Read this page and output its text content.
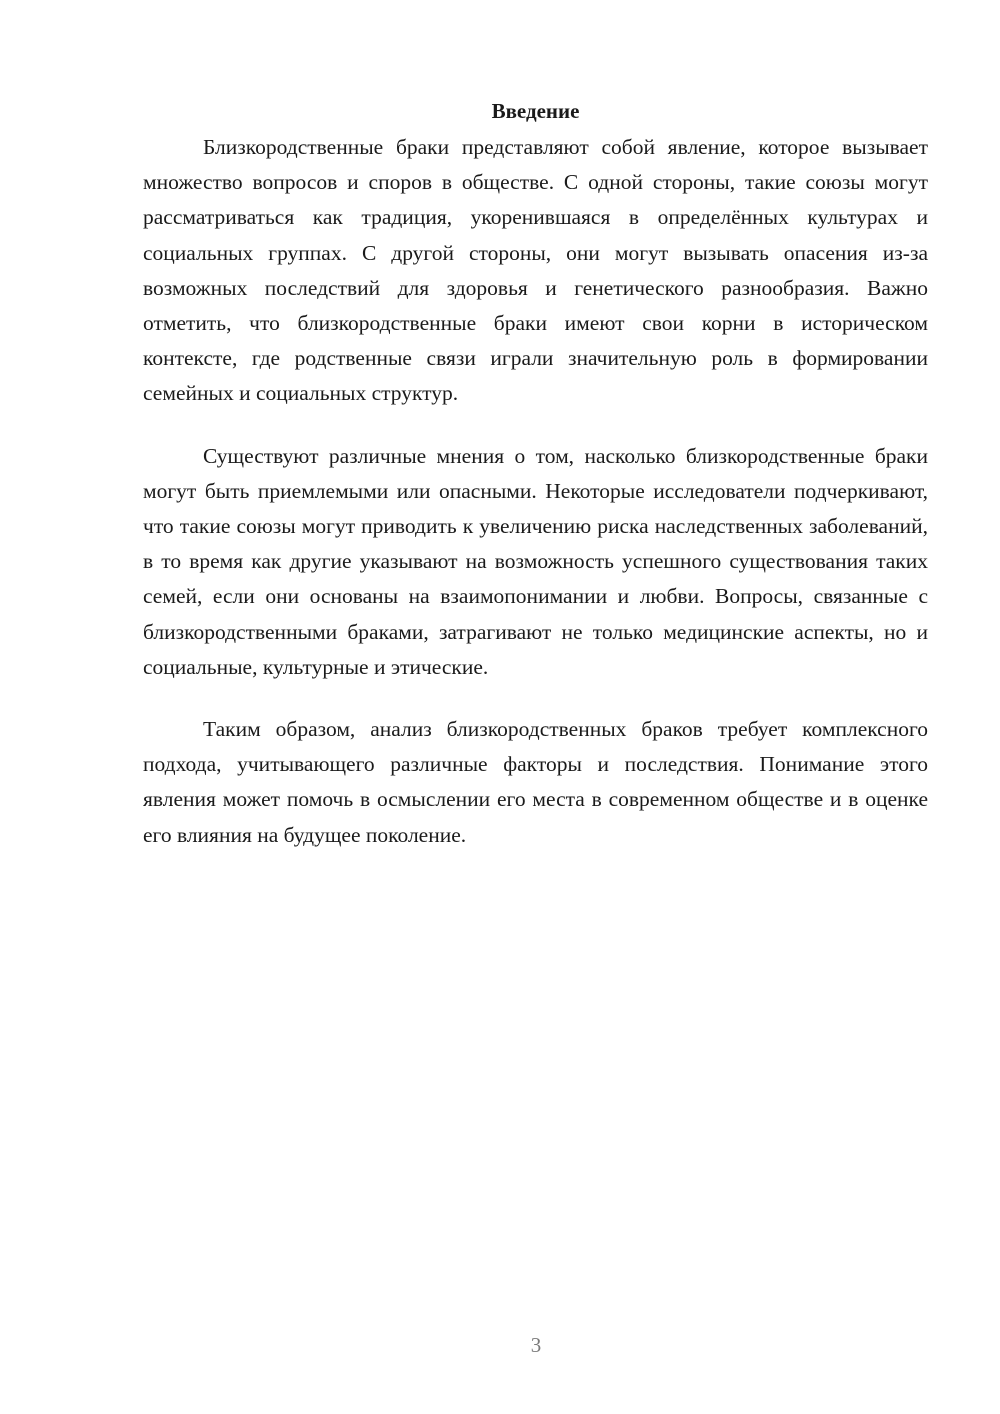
Введение

Близкородственные браки представляют собой явление, которое вызывает множество вопросов и споров в обществе. С одной стороны, такие союзы могут рассматриваться как традиция, укоренившаяся в определённых культурах и социальных группах. С другой стороны, они могут вызывать опасения из-за возможных последствий для здоровья и генетического разнообразия. Важно отметить, что близкородственные браки имеют свои корни в историческом контексте, где родственные связи играли значительную роль в формировании семейных и социальных структур.

Существуют различные мнения о том, насколько близкородственные браки могут быть приемлемыми или опасными. Некоторые исследователи подчеркивают, что такие союзы могут приводить к увеличению риска наследственных заболеваний, в то время как другие указывают на возможность успешного существования таких семей, если они основаны на взаимопонимании и любви. Вопросы, связанные с близкородственными браками, затрагивают не только медицинские аспекты, но и социальные, культурные и этические.

Таким образом, анализ близкородственных браков требует комплексного подхода, учитывающего различные факторы и последствия. Понимание этого явления может помочь в осмыслении его места в современном обществе и в оценке его влияния на будущее поколение.

3
